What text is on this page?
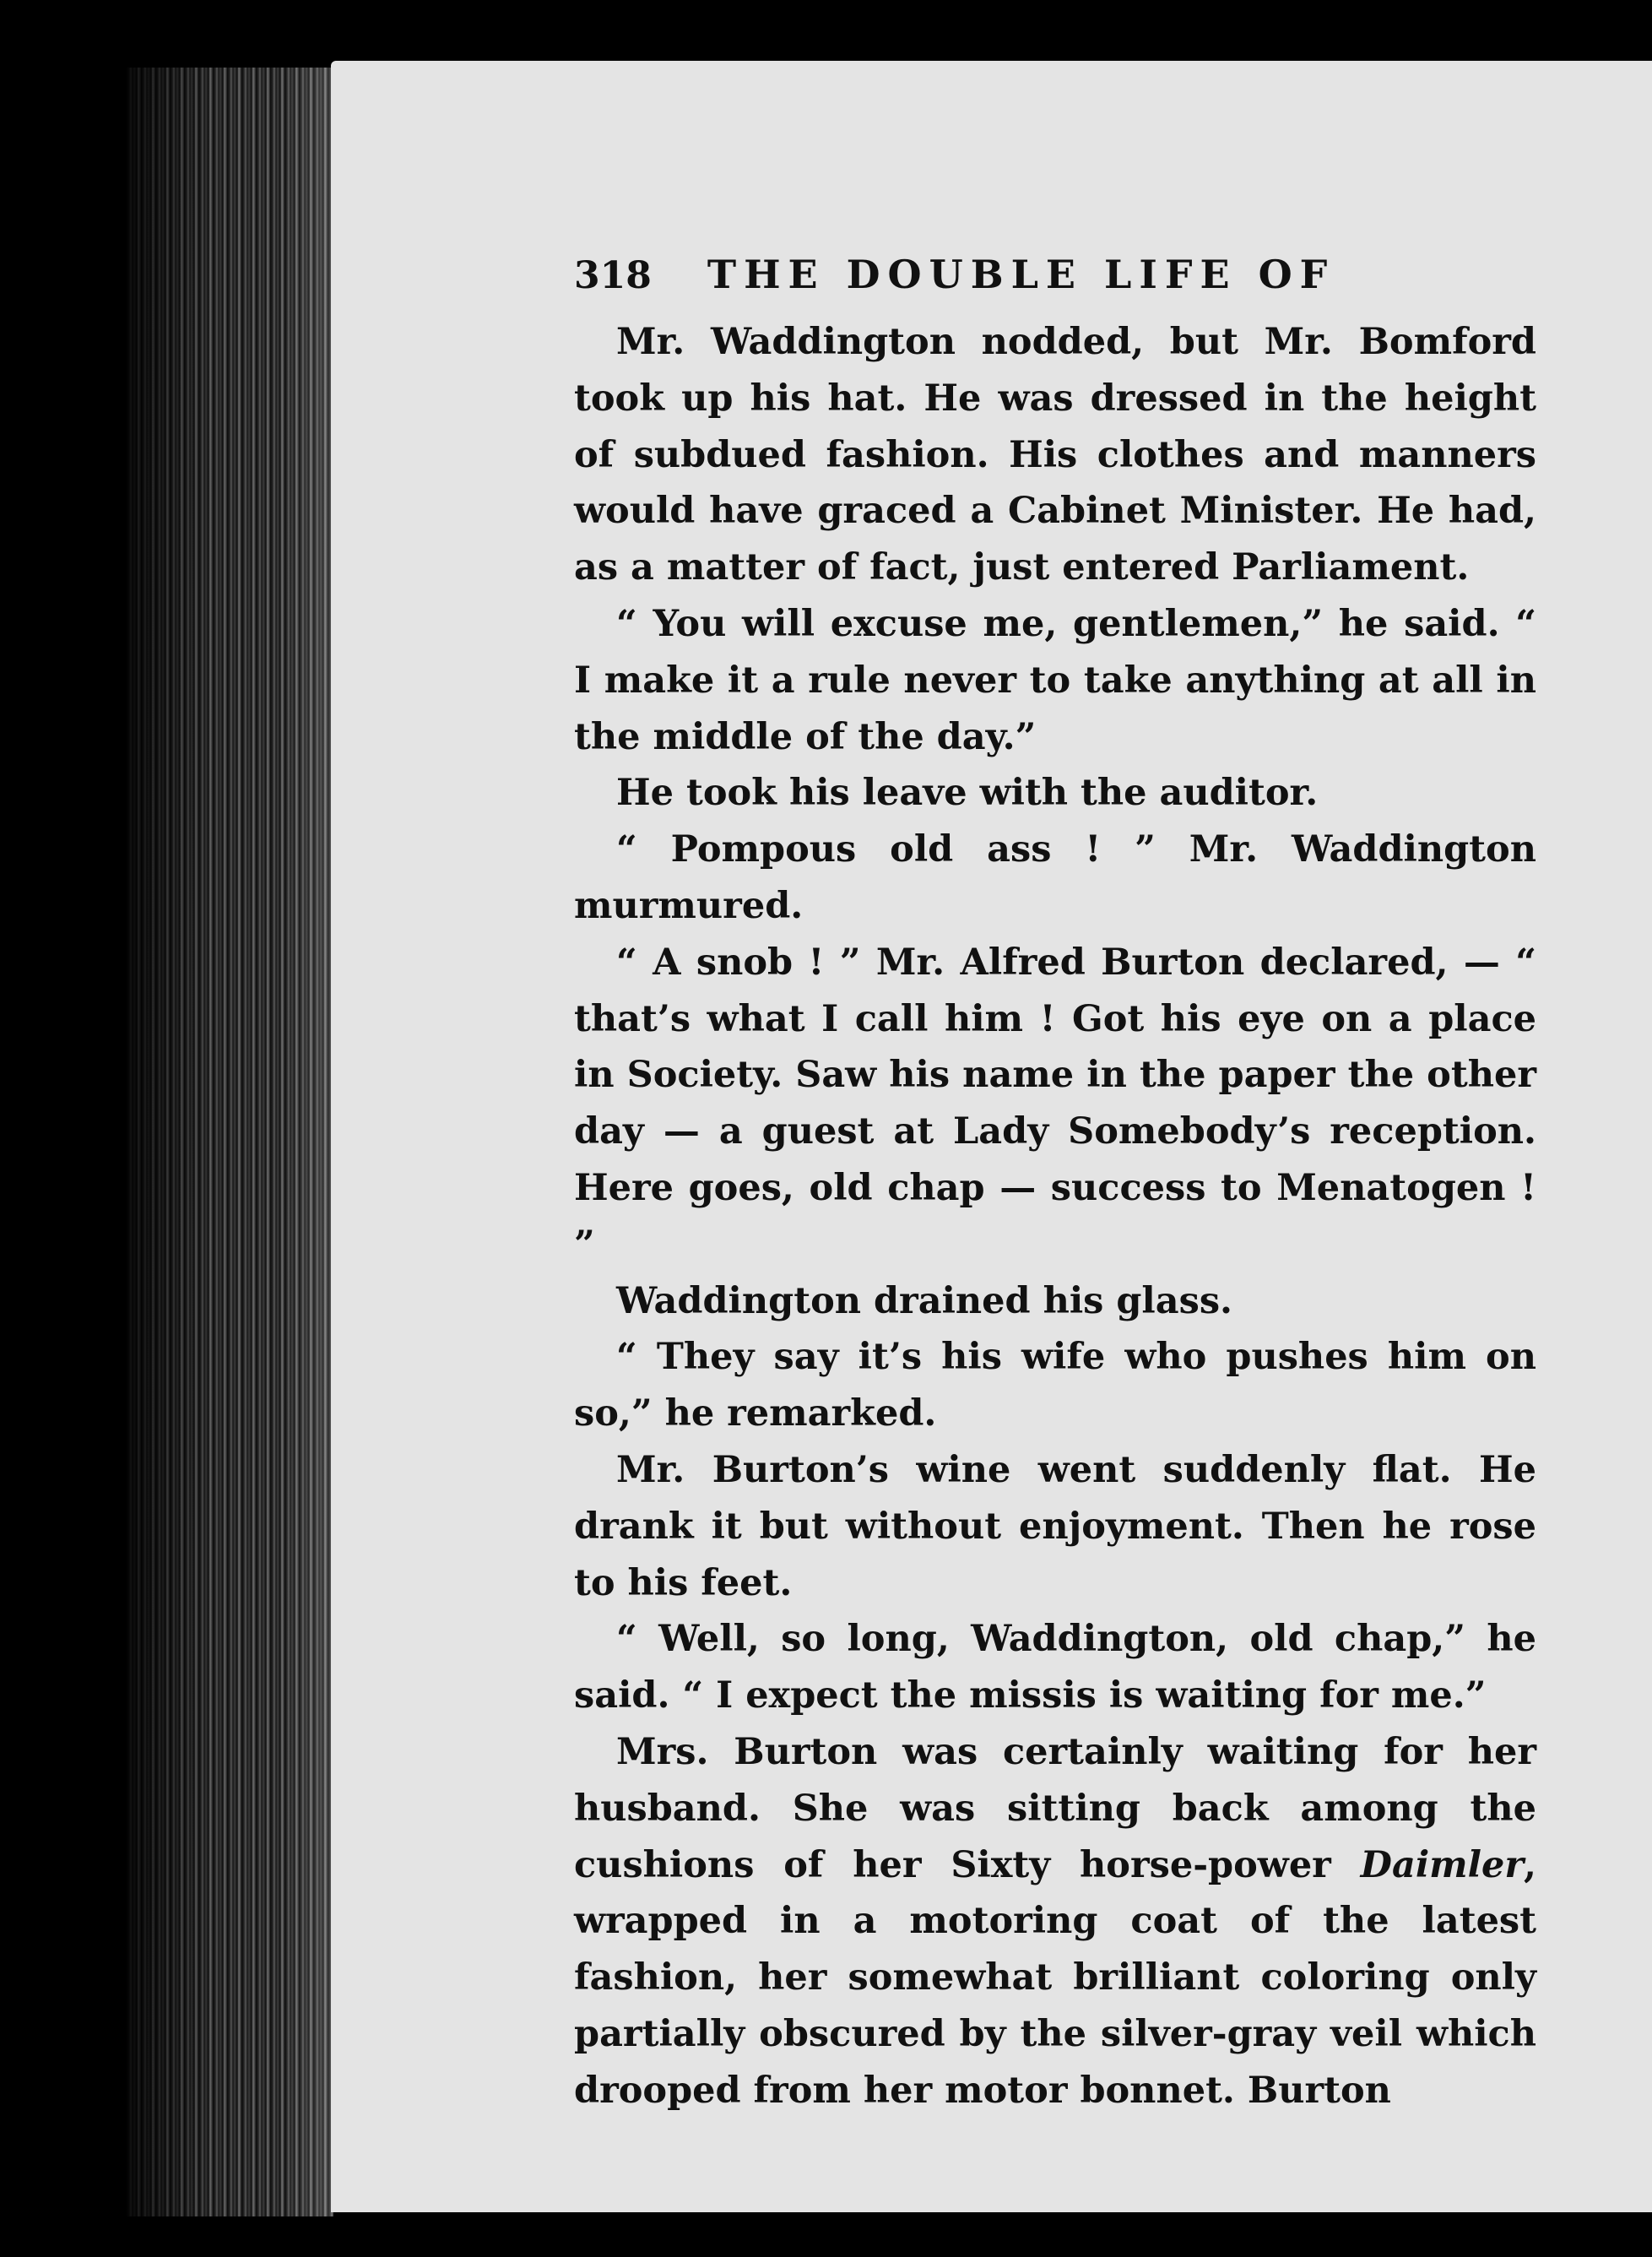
318 THE DOUBLE LIFE OF

Mr. Waddington nodded, but Mr. Bomford took up his hat. He was dressed in the height of subdued fashion. His clothes and manners would have graced a Cabinet Minister. He had, as a matter of fact, just entered Parliament.

“ You will excuse me, gentlemen,” he said. “ I make it a rule never to take anything at all in the middle of the day.”

He took his leave with the auditor.

“ Pompous old ass ! ” Mr. Waddington murmured.

“ A snob ! ” Mr. Alfred Burton declared, — “ that’s what I call him ! Got his eye on a place in Society. Saw his name in the paper the other day — a guest at Lady Somebody’s reception. Here goes, old chap — success to Menatogen ! ”

Waddington drained his glass.

“ They say it’s his wife who pushes him on so,” he remarked.

Mr. Burton’s wine went suddenly flat. He drank it but without enjoyment. Then he rose to his feet.

“ Well, so long, Waddington, old chap,” he said. “ I expect the missis is waiting for me.”

Mrs. Burton was certainly waiting for her husband. She was sitting back among the cushions of her Sixty horse-power Daimler, wrapped in a motoring coat of the latest fashion, her somewhat brilliant coloring only partially obscured by the silver-gray veil which drooped from her motor bonnet. Burton
